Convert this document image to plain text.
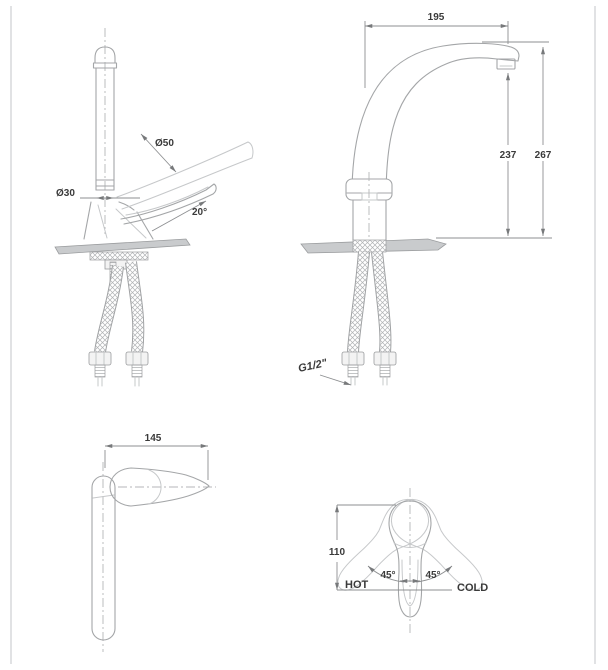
Ø50
Ø30
20°
195
237 267
G1/2"
145
45°	45°
110
HOT	COLD
